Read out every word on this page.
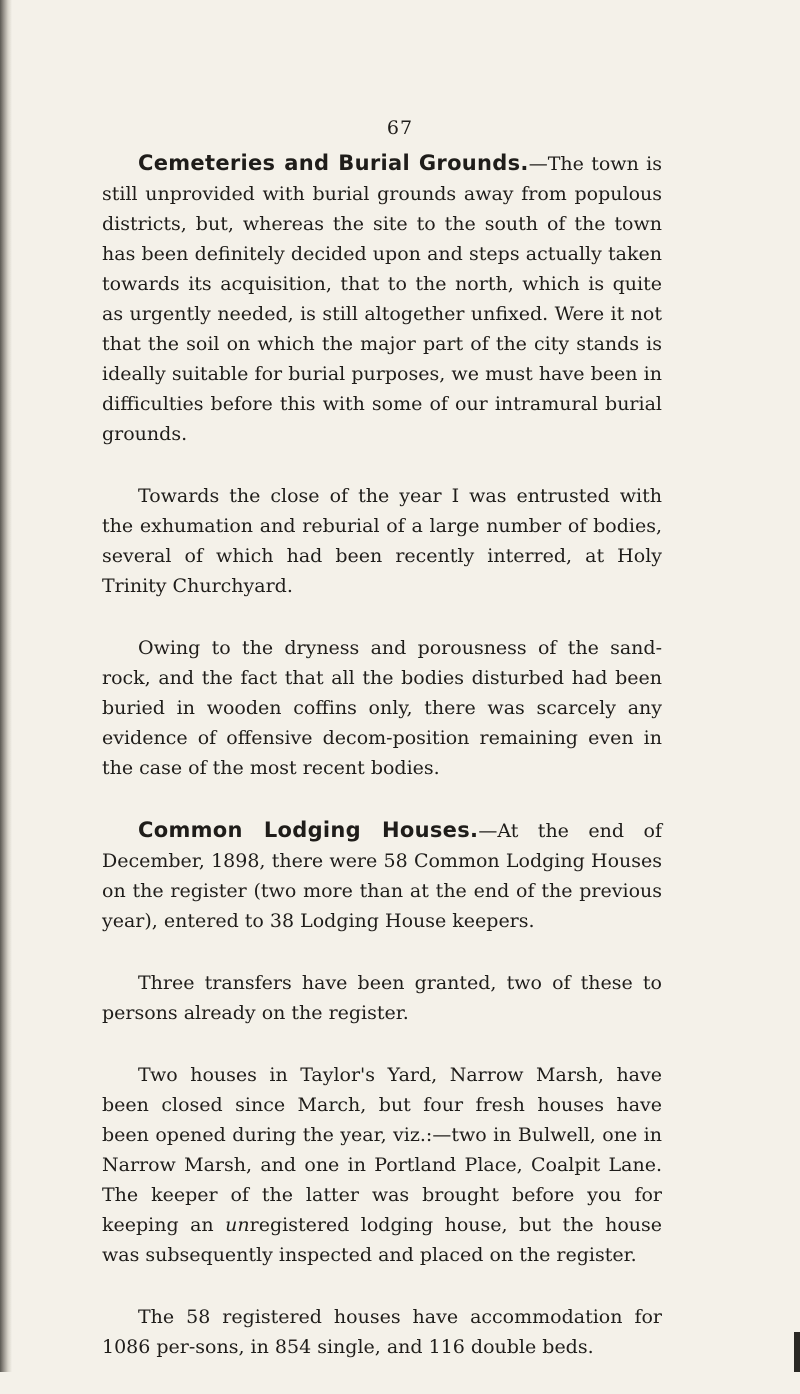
67

Cemeteries and Burial Grounds.—The town is still unprovided with burial grounds away from populous districts, but, whereas the site to the south of the town has been definitely decided upon and steps actually taken towards its acquisition, that to the north, which is quite as urgently needed, is still altogether unfixed. Were it not that the soil on which the major part of the city stands is ideally suitable for burial purposes, we must have been in difficulties before this with some of our intramural burial grounds.

Towards the close of the year I was entrusted with the exhumation and reburial of a large number of bodies, several of which had been recently interred, at Holy Trinity Churchyard.

Owing to the dryness and porousness of the sand-rock, and the fact that all the bodies disturbed had been buried in wooden coffins only, there was scarcely any evidence of offensive decom-position remaining even in the case of the most recent bodies.

Common Lodging Houses.—At the end of December, 1898, there were 58 Common Lodging Houses on the register (two more than at the end of the previous year), entered to 38 Lodging House keepers.

Three transfers have been granted, two of these to persons already on the register.

Two houses in Taylor's Yard, Narrow Marsh, have been closed since March, but four fresh houses have been opened during the year, viz.:—two in Bulwell, one in Narrow Marsh, and one in Portland Place, Coalpit Lane. The keeper of the latter was brought before you for keeping an unregistered lodging house, but the house was subsequently inspected and placed on the register.

The 58 registered houses have accommodation for 1086 per-sons, in 854 single, and 116 double beds.
